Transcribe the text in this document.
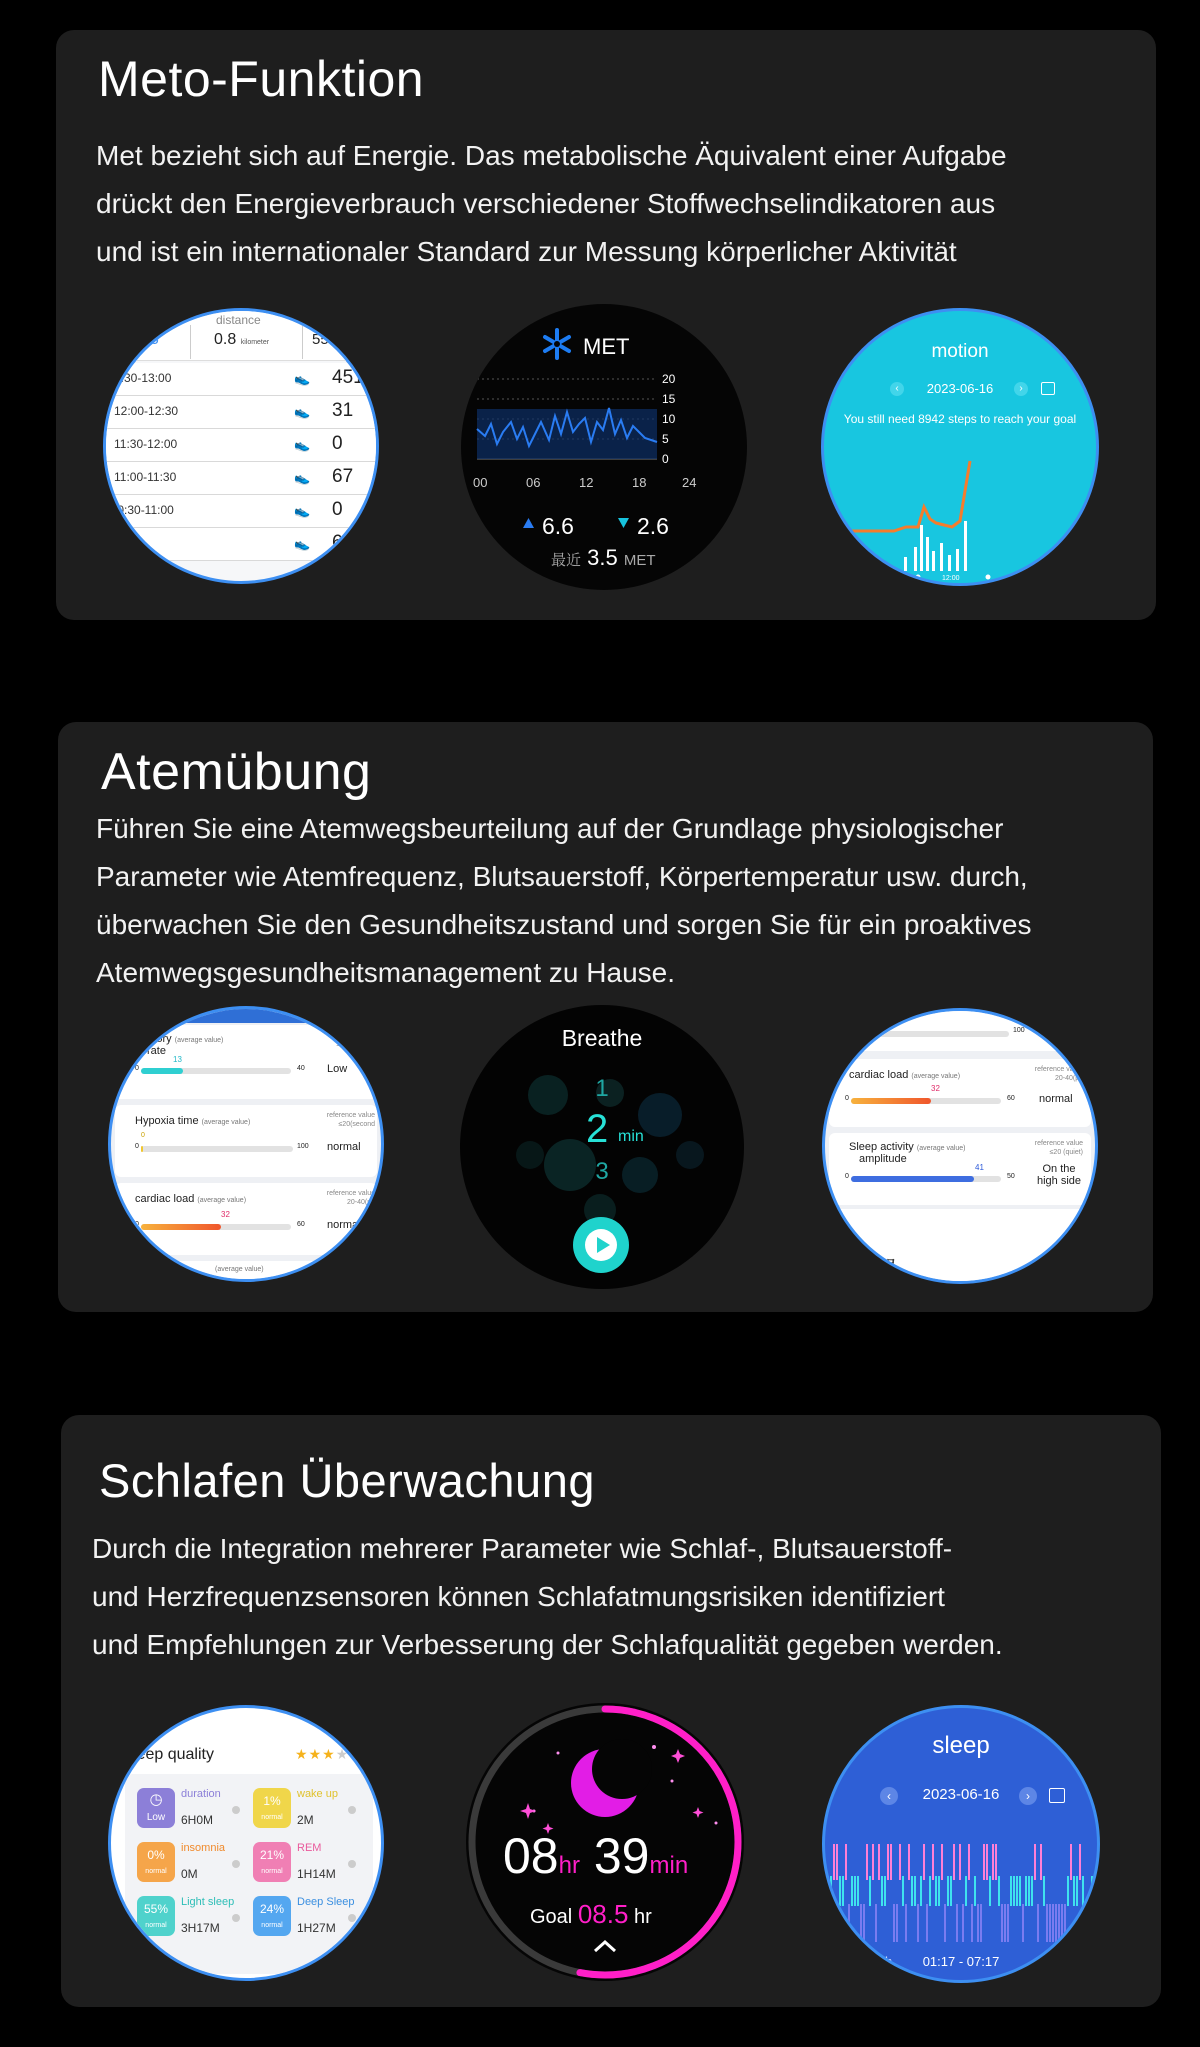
Meto-Funktion
Met bezieht sich auf Energie. Das metabolische Äquivalent einer Aufgabe
drückt den Energieverbrauch verschiedener Stoffwechselindikatoren aus
und ist ein internationaler Standard zur Messung körperlicher Aktivität
distance
55	0.8 kilometer	55
2:30-13:00	👟 451
12:00-12:30	👟 31
11:30-12:00	👟 0
11:00-11:30	👟 67
:0:30-11:00	👟 0
10:30	👟 62
20
15
10
5
0
00	06	12	18	24
MET
6.6	2.6
最近 3.5 MET
motion
‹	2023-06-16	›
You still need 8942 steps to reach your goal
12:00
Atemübung
Führen Sie eine Atemwegsbeurteilung auf der Grundlage physiologischer
Parameter wie Atemfrequenz, Blutsauerstoff, Körpertemperatur usw. durch,
überwachen Sie den Gesundheitszustand und sorgen Sie für ein proaktives
Atemwegsgesundheitsmanagement zu Hause.
piratory (average value)
rate
reference
18-26(Times
13
0	40 Low
Hypoxia time (average value)
reference value
≤20(second
0
0	100 normal
cardiac load (average value)
reference value
20-40(pi)
32
0	60 normal
(average value)
Breathe
1
2 min
3
100
cardiac load (average value)
reference value
20-40(pi)
32
0	60 normal
Sleep activity (average value)
amplitude
reference value
≤20 (quiet)
41
0	50
On the
high side
睡眠
Schlafen Überwachung
Durch die Integration mehrerer Parameter wie Schlaf-, Blutsauerstoff-
und Herzfrequenzsensoren können Schlafatmungsrisiken identifiziert
und Empfehlungen zur Verbesserung der Schlafqualität gegeben werden.
leep quality	★★★★
◷
Low
duration
6H0M
1%
normal
wake up
2M
0%
normal
insomnia
0M
21%
normal
REM
1H14M
55%
normal
Light sleep
3H17M
24%
normal
Deep Sleep
1H27M
08hr 39min
Goal 08.5 hr
sleep
‹	2023-06-16	›
h	01:17 - 07:17	n
